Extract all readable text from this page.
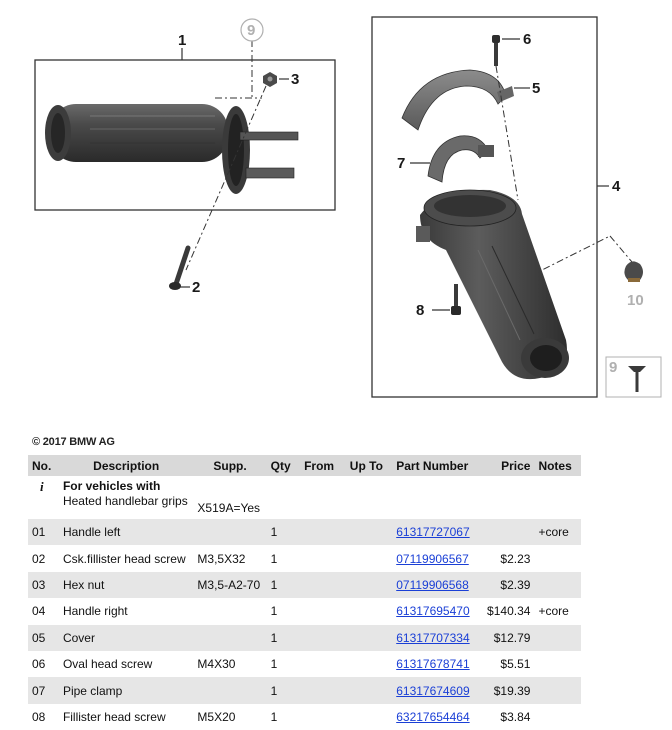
1
9
3
2
4
6
5
7
8
10
9
© 2017 BMW AG
No.	Description	Supp.	Qty	From	Up To	Part Number	Price	Notes
i	For vehicles with
Heated handlebar grips	X519A=Yes						
01	Handle left		1			61317727067		+core
02	Csk.fillister head screw	M3,5X32	1			07119906567	$2.23	
03	Hex nut	M3,5-A2-70	1			07119906568	$2.39	
04	Handle right		1			61317695470	$140.34	+core
05	Cover		1			61317707334	$12.79	
06	Oval head screw	M4X30	1			61317678741	$5.51	
07	Pipe clamp		1			61317674609	$19.39	
08	Fillister head screw	M5X20	1			63217654464	$3.84	
